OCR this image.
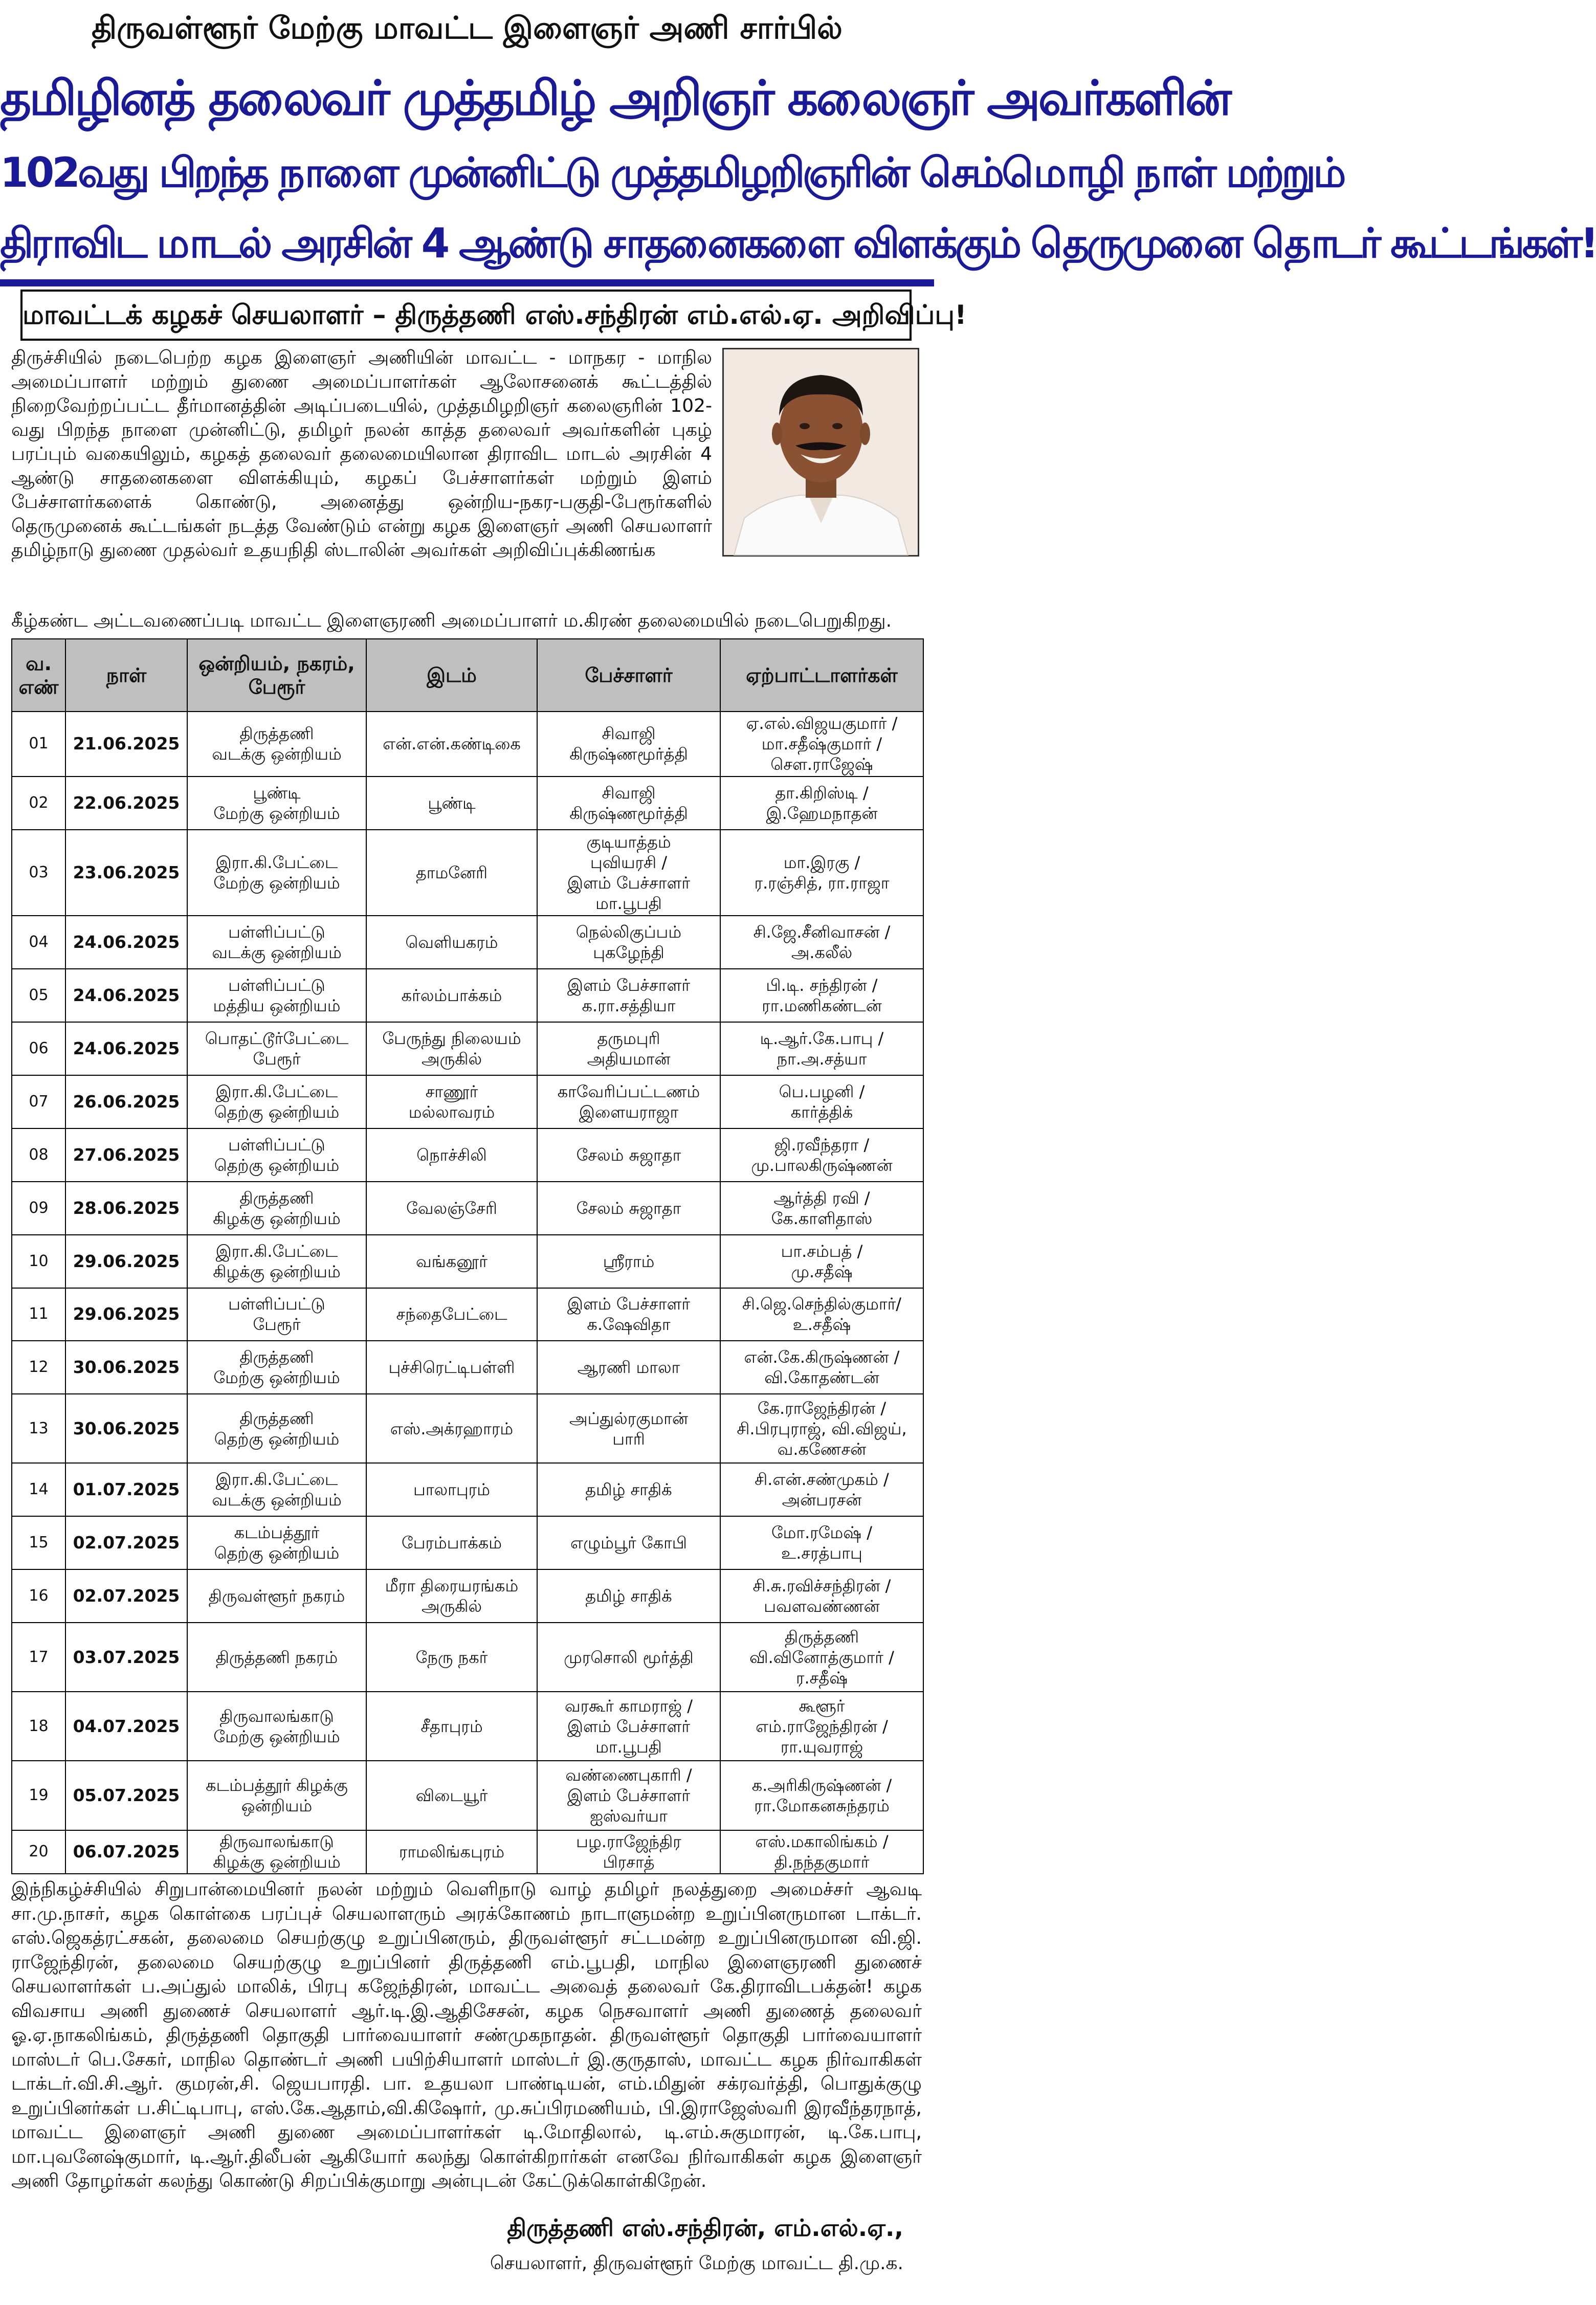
திருவள்ளூர் மேற்கு மாவட்ட இளைஞர் அணி சார்பில்
தமிழினத் தலைவர் முத்தமிழ் அறிஞர் கலைஞர் அவர்களின்
102வது பிறந்த நாளை முன்னிட்டு முத்தமிழறிஞரின் செம்மொழி நாள் மற்றும்
திராவிட மாடல் அரசின் 4 ஆண்டு சாதனைகளை விளக்கும் தெருமுனை தொடர் கூட்டங்கள்!
மாவட்டக் கழகச் செயலாளர் – திருத்தணி எஸ்.சந்திரன் எம்.எல்.ஏ. அறிவிப்பு!
திருச்சியில் நடைபெற்ற கழக இளைஞர் அணியின் மாவட்ட - மாநகர - மாநில அமைப்பாளர் மற்றும் துணை அமைப்பாளர்கள் ஆலோசனைக் கூட்டத்தில் நிறைவேற்றப்பட்ட தீர்மானத்தின் அடிப்படையில், முத்தமிழறிஞர் கலைஞரின் 102-வது பிறந்த நாளை முன்னிட்டு, தமிழர் நலன் காத்த தலைவர் அவர்களின் புகழ் பரப்பும் வகையிலும், கழகத் தலைவர் தலைமையிலான திராவிட மாடல் அரசின் 4 ஆண்டு சாதனைகளை விளக்கியும், கழகப் பேச்சாளர்கள் மற்றும் இளம் பேச்சாளர்களைக் கொண்டு, அனைத்து ஒன்றிய-நகர-பகுதி-பேரூர்களில் தெருமுனைக் கூட்டங்கள் நடத்த வேண்டும் என்று கழக இளைஞர் அணி செயலாளர் தமிழ்நாடு துணை முதல்வர் உதயநிதி ஸ்டாலின் அவர்கள் அறிவிப்புக்கிணங்க
கீழ்கண்ட அட்டவணைப்படி மாவட்ட இளைஞரணி அமைப்பாளர் ம.கிரண் தலைமையில் நடைபெறுகிறது.
வ. எண்	நாள்	ஒன்றியம், நகரம், பேரூர்	இடம்	பேச்சாளர்	ஏற்பாட்டாளர்கள்
01	21.06.2025	திருத்தணி
வடக்கு ஒன்றியம்	என்.என்.கண்டிகை	சிவாஜி
கிருஷ்ணமூர்த்தி	ஏ.எல்.விஜயகுமார் /
மா.சதீஷ்குமார் /
சௌ.ராஜேஷ்
02	22.06.2025	பூண்டி
மேற்கு ஒன்றியம்	பூண்டி	சிவாஜி
கிருஷ்ணமூர்த்தி	தா.கிறிஸ்டி /
இ.ஹேமநாதன்
03	23.06.2025	இரா.கி.பேட்டை
மேற்கு ஒன்றியம்	தாமனேரி	குடியாத்தம்
புவியரசி /
இளம் பேச்சாளர்
மா.பூபதி	மா.இரகு /
ர.ரஞ்சித், ரா.ராஜா
04	24.06.2025	பள்ளிப்பட்டு
வடக்கு ஒன்றியம்	வெளியகரம்	நெல்லிகுப்பம்
புகழேந்தி	சி.ஜே.சீனிவாசன் /
அ.கலீல்
05	24.06.2025	பள்ளிப்பட்டு
மத்திய ஒன்றியம்	கர்லம்பாக்கம்	இளம் பேச்சாளர்
க.ரா.சத்தியா	பி.டி. சந்திரன் /
ரா.மணிகண்டன்
06	24.06.2025	பொதட்டூர்பேட்டை
பேரூர்	பேருந்து நிலையம்
அருகில்	தருமபுரி
அதியமான்	டி.ஆர்.கே.பாபு /
நா.அ.சத்யா
07	26.06.2025	இரா.கி.பேட்டை
தெற்கு ஒன்றியம்	சாணூர்
மல்லாவரம்	காவேரிப்பட்டணம்
இளையராஜா	பெ.பழனி /
கார்த்திக்
08	27.06.2025	பள்ளிப்பட்டு
தெற்கு ஒன்றியம்	நொச்சிலி	சேலம் சுஜாதா	ஜி.ரவீந்தரா /
மு.பாலகிருஷ்ணன்
09	28.06.2025	திருத்தணி
கிழக்கு ஒன்றியம்	வேலஞ்சேரி	சேலம் சுஜாதா	ஆர்த்தி ரவி /
கே.காளிதாஸ்
10	29.06.2025	இரா.கி.பேட்டை
கிழக்கு ஒன்றியம்	வங்கனூர்	ஸ்ரீராம்	பா.சம்பத் /
மு.சதீஷ்
11	29.06.2025	பள்ளிப்பட்டு
பேரூர்	சந்தைபேட்டை	இளம் பேச்சாளர்
க.ஷேவிதா	சி.ஜெ.செந்தில்குமார்/
உ.சதீஷ்
12	30.06.2025	திருத்தணி
மேற்கு ஒன்றியம்	புச்சிரெட்டிபள்ளி	ஆரணி மாலா	என்.கே.கிருஷ்ணன் /
வி.கோதண்டன்
13	30.06.2025	திருத்தணி
தெற்கு ஒன்றியம்	எஸ்.அக்ரஹாரம்	அப்துல்ரகுமான்
பாரி	கே.ராஜேந்திரன் /
சி.பிரபுராஜ், வி.விஜய்,
வ.கணேசன்
14	01.07.2025	இரா.கி.பேட்டை
வடக்கு ஒன்றியம்	பாலாபுரம்	தமிழ் சாதிக்	சி.என்.சண்முகம் /
அன்பரசன்
15	02.07.2025	கடம்பத்தூர்
தெற்கு ஒன்றியம்	பேரம்பாக்கம்	எழும்பூர் கோபி	மோ.ரமேஷ் /
உ.சரத்பாபு
16	02.07.2025	திருவள்ளூர் நகரம்	மீரா திரையரங்கம்
அருகில்	தமிழ் சாதிக்	சி.சு.ரவிச்சந்திரன் /
பவளவண்ணன்
17	03.07.2025	திருத்தணி நகரம்	நேரு நகர்	முரசொலி மூர்த்தி	திருத்தணி
வி.வினோத்குமார் /
ர.சதீஷ்
18	04.07.2025	திருவாலங்காடு
மேற்கு ஒன்றியம்	சீதாபுரம்	வரகூர் காமராஜ் /
இளம் பேச்சாளர்
மா.பூபதி	கூளூர்
எம்.ராஜேந்திரன் /
ரா.யுவராஜ்
19	05.07.2025	கடம்பத்தூர் கிழக்கு
ஒன்றியம்	விடையூர்	வண்ணைபுகாரி /
இளம் பேச்சாளர்
ஐஸ்வர்யா	க.அரிகிருஷ்ணன் /
ரா.மோகனசுந்தரம்
20	06.07.2025	திருவாலங்காடு
கிழக்கு ஒன்றியம்	ராமலிங்கபுரம்	பழ.ராஜேந்திர
பிரசாத்	எஸ்.மகாலிங்கம் /
தி.நந்தகுமார்
இந்நிகழ்ச்சியில் சிறுபான்மையினர் நலன் மற்றும் வெளிநாடு வாழ் தமிழர் நலத்துறை அமைச்சர் ஆவடி சா.மு.நாசர், கழக கொள்கை பரப்புச் செயலாளரும் அரக்கோணம் நாடாளுமன்ற உறுப்பினருமான டாக்டர். எஸ்.ஜெகத்ரட்சகன், தலைமை செயற்குழு உறுப்பினரும், திருவள்ளூர் சட்டமன்ற உறுப்பினருமான வி.ஜி. ராஜேந்திரன், தலைமை செயற்குழு உறுப்பினர் திருத்தணி எம்.பூபதி, மாநில இளைஞரணி துணைச் செயலாளர்கள் ப.அப்துல் மாலிக், பிரபு கஜேந்திரன், மாவட்ட அவைத் தலைவர் கே.திராவிடபக்தன்! கழக விவசாய அணி துணைச் செயலாளர் ஆர்.டி.இ.ஆதிசேசன், கழக நெசவாளர் அணி துணைத் தலைவர் ஓ.ஏ.நாகலிங்கம், திருத்தணி தொகுதி பார்வையாளர் சண்முகநாதன். திருவள்ளூர் தொகுதி பார்வையாளர் மாஸ்டர் பெ.சேகர், மாநில தொண்டர் அணி பயிற்சியாளர் மாஸ்டர் இ.குருதாஸ், மாவட்ட கழக நிர்வாகிகள் டாக்டர்.வி.சி.ஆர். குமரன்,சி. ஜெயபாரதி. பா. உதயலா பாண்டியன், எம்.மிதுன் சக்ரவர்த்தி, பொதுக்குழு உறுப்பினர்கள் ப.சிட்டிபாபு, எஸ்.கே.ஆதாம்,வி.கிஷோர், மு.சுப்பிரமணியம், பி.இராஜேஸ்வரி இரவீந்தரநாத், மாவட்ட இளைஞர் அணி துணை அமைப்பாளர்கள் டி.மோதிலால், டி.எம்.சுகுமாரன், டி.கே.பாபு, மா.புவனேஷ்குமார், டி.ஆர்.திலீபன் ஆகியோர் கலந்து கொள்கிறார்கள் எனவே நிர்வாகிகள் கழக இளைஞர் அணி தோழர்கள் கலந்து கொண்டு சிறப்பிக்குமாறு அன்புடன் கேட்டுக்கொள்கிறேன்.
திருத்தணி எஸ்.சந்திரன், எம்.எல்.ஏ.,
செயலாளர், திருவள்ளூர் மேற்கு மாவட்ட தி.மு.க.
